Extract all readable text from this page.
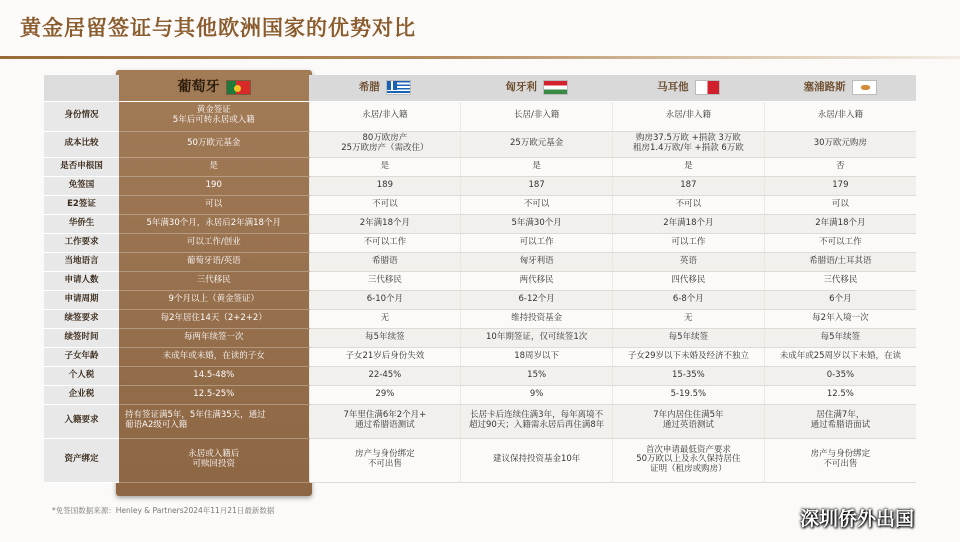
黄金居留签证与其他欧洲国家的优势对比

	葡萄牙	希腊	匈牙利	马耳他	塞浦路斯

身份情况	黄金签证
5年后可转永居或入籍	永居/非入籍	长居/非入籍	永居/非入籍	永居/非入籍

成本比较	50万欧元基金	80万欧房产
25万欧房产（需改住）	25万欧元基金	购房37.5万欧 +捐款 3万欧
租房1.4万欧/年 +捐款 6万欧	30万欧元购房

是否申根国	是	是	是	是	否

免签国	190	189	187	187	179

E2签证	可以	不可以	不可以	不可以	可以

华侨生	5年满30个月，永居后2年满18个月	2年满18个月	5年满30个月	2年满18个月	2年满18个月

工作要求	可以工作/创业	不可以工作	可以工作	可以工作	不可以工作

当地语言	葡萄牙语/英语	希腊语	匈牙利语	英语	希腊语/土耳其语

申请人数	三代移民	三代移民	两代移民	四代移民	三代移民

申请周期	9个月以上（黄金签证）	6-10个月	6-12个月	6-8个月	6个月

续签要求	每2年居住14天（2+2+2）	无	维持投资基金	无	每2年入境一次

续签时间	每两年续签一次	每5年续签	10年期签证，仅可续签1次	每5年续签	每5年续签

子女年龄	未成年或未婚，在读的子女	子女21岁后身份失效	18周岁以下	子女29岁以下未婚及经济不独立	未成年或25周岁以下未婚，在读

个人税	14.5-48%	22-45%	15%	15-35%	0-35%

企业税	12.5-25%	29%	9%	5-19.5%	12.5%

入籍要求	持有签证满5年，5年住满35天，通过
葡语A2级可入籍	7年里住满6年2个月+
通过希腊语测试	长居卡后连续住满3年，每年离境不
超过90天；入籍需永居后再住满8年	7年内居住住满5年
通过英语测试	居住满7年，
通过希腊语面试

资产绑定	永居或入籍后
可赎回投资	房产与身份绑定
不可出售	建议保持投资基金10年	首次申请最低资产要求
50万欧以上及永久保持居住
证明（租房或购房）	房产与身份绑定
不可出售
*免签国数据来源：Henley & Partners2024年11月21日最新数据	深圳侨外出国
